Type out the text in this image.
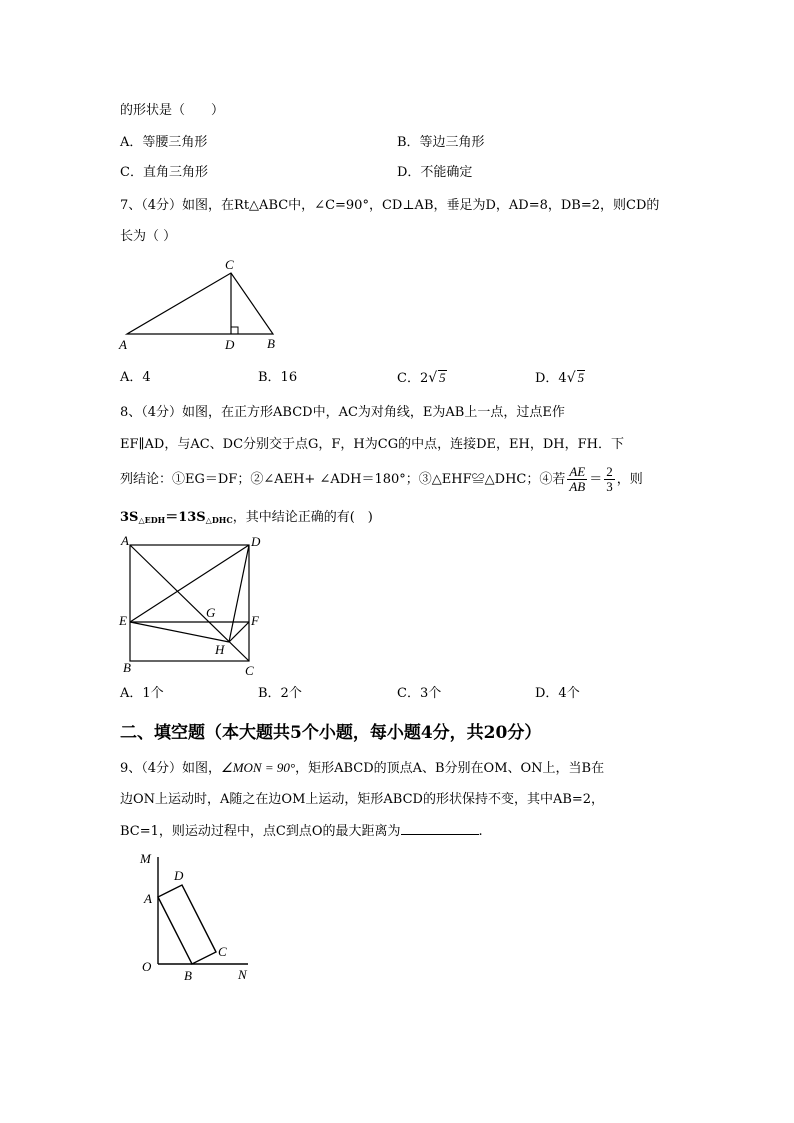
的形状是（　　）
A．等腰三角形	B．等边三角形
C．直角三角形	D．不能确定
7、（4分）如图，在Rt△ABC中，∠C=90°，CD⊥AB，垂足为D，AD=8，DB=2，则CD的
长为（ ）
C
A	D	B
A．4	B．16	C．2√ 5	D．4√ 5
8、（4分）如图，在正方形ABCD中，AC为对角线，E为AB上一点，过点E作
EF∥AD，与AC、DC分别交于点G，F，H为CG的中点，连接DE，EH，DH，FH．下
列结论：①EG＝DF；②∠AEH+ ∠ADH＝180°；③△EHF≌△DHC；④若 $\frac{AE}{AB} = \frac{2}{3}$ ，则
$3S_{\triangle EDH}=13S_{\triangle DHC}$，其中结论正确的有(　)
A	D
E	F
G
H
B	C
A．1个	B．2个	C．3个	D．4个
二、填空题（本大题共5个小题，每小题4分，共20分）
9、（4分）如图，∠MON = 90°，矩形ABCD的顶点A、B分别在OM、ON上，当B在
边ON上运动时，A随之在边OM上运动，矩形ABCD的形状保持不变，其中AB=2，
BC=1，则运动过程中，点C到点O的最大距离为	.
M
A
D
C
O
B	N
